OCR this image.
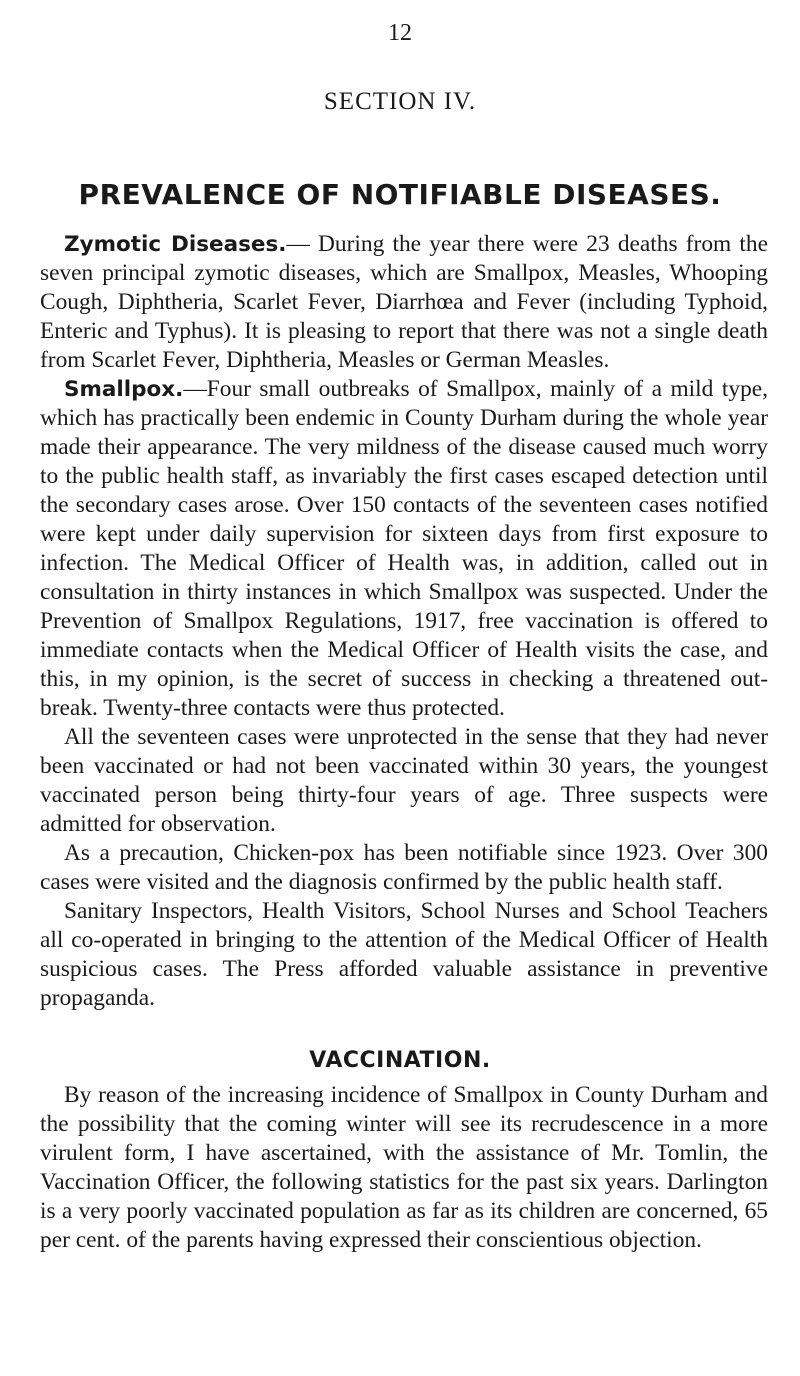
12
SECTION IV.
PREVALENCE OF NOTIFIABLE DISEASES.

Zymotic Diseases.— During the year there were 23 deaths from the seven principal zymotic diseases, which are Smallpox, Measles, Whooping Cough, Diphtheria, Scarlet Fever, Diarrhœa and Fever (including Typhoid, Enteric and Typhus). It is pleasing to report that there was not a single death from Scarlet Fever, Diphtheria, Measles or German Measles.

Smallpox.—Four small outbreaks of Smallpox, mainly of a mild type, which has practically been endemic in County Durham during the whole year made their appearance. The very mildness of the disease caused much worry to the public health staff, as invariably the first cases escaped detection until the secondary cases arose. Over 150 contacts of the seventeen cases notified were kept under daily supervision for sixteen days from first exposure to infection. The Medical Officer of Health was, in addition, called out in consultation in thirty instances in which Smallpox was suspected. Under the Prevention of Smallpox Regulations, 1917, free vaccination is offered to immediate contacts when the Medical Officer of Health visits the case, and this, in my opinion, is the secret of success in checking a threatened out-break. Twenty-three contacts were thus protected.

All the seventeen cases were unprotected in the sense that they had never been vaccinated or had not been vaccinated within 30 years, the youngest vaccinated person being thirty-four years of age. Three suspects were admitted for observation.

As a precaution, Chicken-pox has been notifiable since 1923. Over 300 cases were visited and the diagnosis confirmed by the public health staff.

Sanitary Inspectors, Health Visitors, School Nurses and School Teachers all co-operated in bringing to the attention of the Medical Officer of Health suspicious cases. The Press afforded valuable assistance in preventive propaganda.

VACCINATION.

By reason of the increasing incidence of Smallpox in County Durham and the possibility that the coming winter will see its recrudescence in a more virulent form, I have ascertained, with the assistance of Mr. Tomlin, the Vaccination Officer, the following statistics for the past six years. Darlington is a very poorly vaccinated population as far as its children are concerned, 65 per cent. of the parents having expressed their conscientious objection.
